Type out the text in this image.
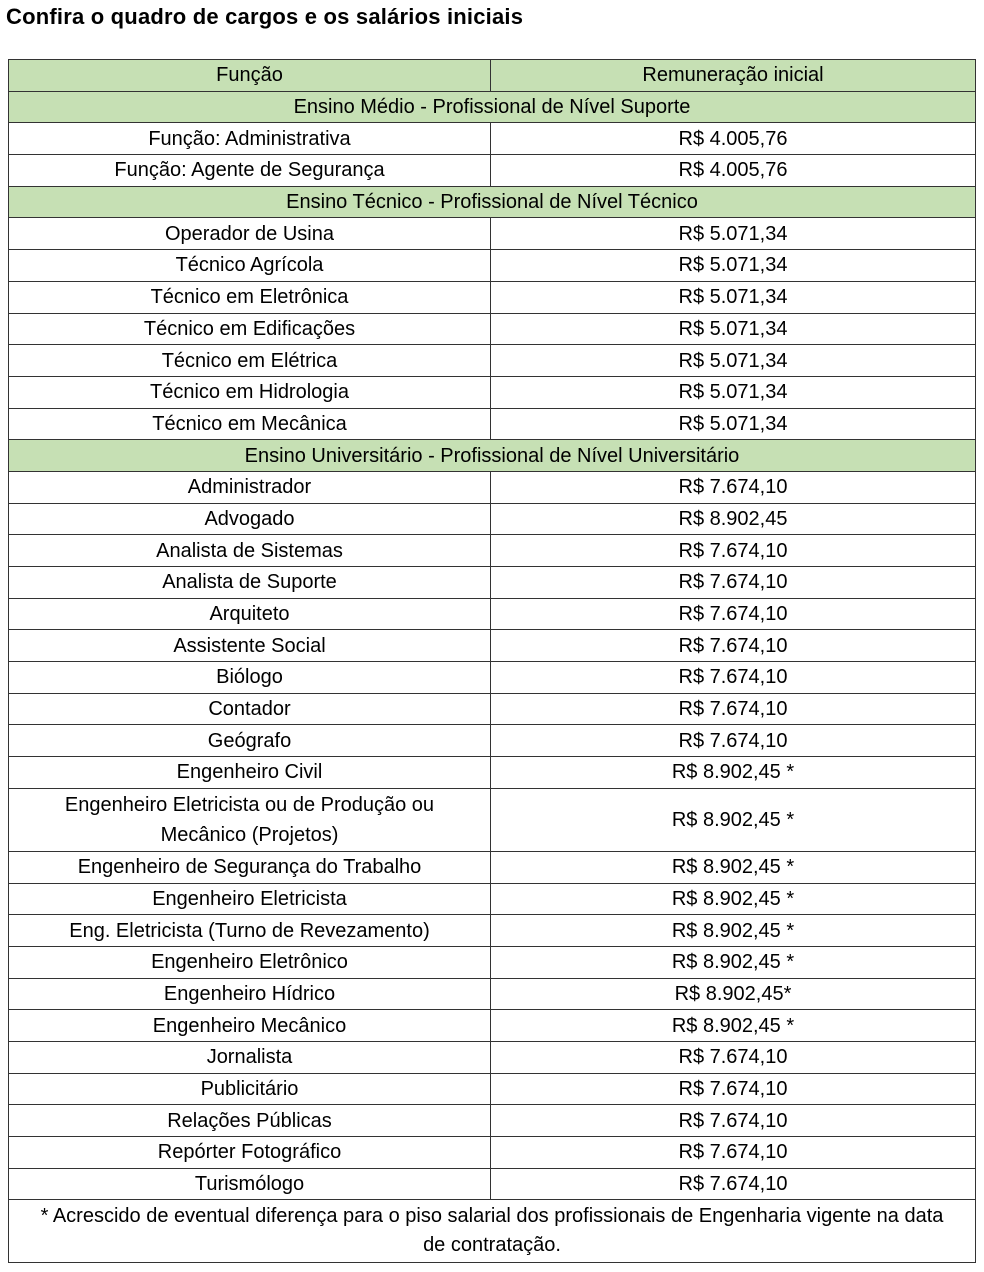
Confira o quadro de cargos e os salários iniciais
Função	Remuneração inicial
Ensino Médio - Profissional de Nível Suporte	
Função: Administrativa	R$ 4.005,76
Função: Agente de Segurança	R$ 4.005,76
Ensino Técnico - Profissional de Nível Técnico	
Operador de Usina	R$ 5.071,34
Técnico Agrícola	R$ 5.071,34
Técnico em Eletrônica	R$ 5.071,34
Técnico em Edificações	R$ 5.071,34
Técnico em Elétrica	R$ 5.071,34
Técnico em Hidrologia	R$ 5.071,34
Técnico em Mecânica	R$ 5.071,34
Ensino Universitário - Profissional de Nível Universitário	
Administrador	R$ 7.674,10
Advogado	R$ 8.902,45
Analista de Sistemas	R$ 7.674,10
Analista de Suporte	R$ 7.674,10
Arquiteto	R$ 7.674,10
Assistente Social	R$ 7.674,10
Biólogo	R$ 7.674,10
Contador	R$ 7.674,10
Geógrafo	R$ 7.674,10
Engenheiro Civil	R$ 8.902,45 *
Engenheiro Eletricista ou de Produção ou Mecânico (Projetos)	R$ 8.902,45 *
Engenheiro de Segurança do Trabalho	R$ 8.902,45 *
Engenheiro Eletricista	R$ 8.902,45 *
Eng. Eletricista (Turno de Revezamento)	R$ 8.902,45 *
Engenheiro Eletrônico	R$ 8.902,45 *
Engenheiro Hídrico	R$ 8.902,45*
Engenheiro Mecânico	R$ 8.902,45 *
Jornalista	R$ 7.674,10
Publicitário	R$ 7.674,10
Relações Públicas	R$ 7.674,10
Repórter Fotográfico	R$ 7.674,10
Turismólogo	R$ 7.674,10
* Acrescido de eventual diferença para o piso salarial dos profissionais de Engenharia vigente na data de contratação.	
